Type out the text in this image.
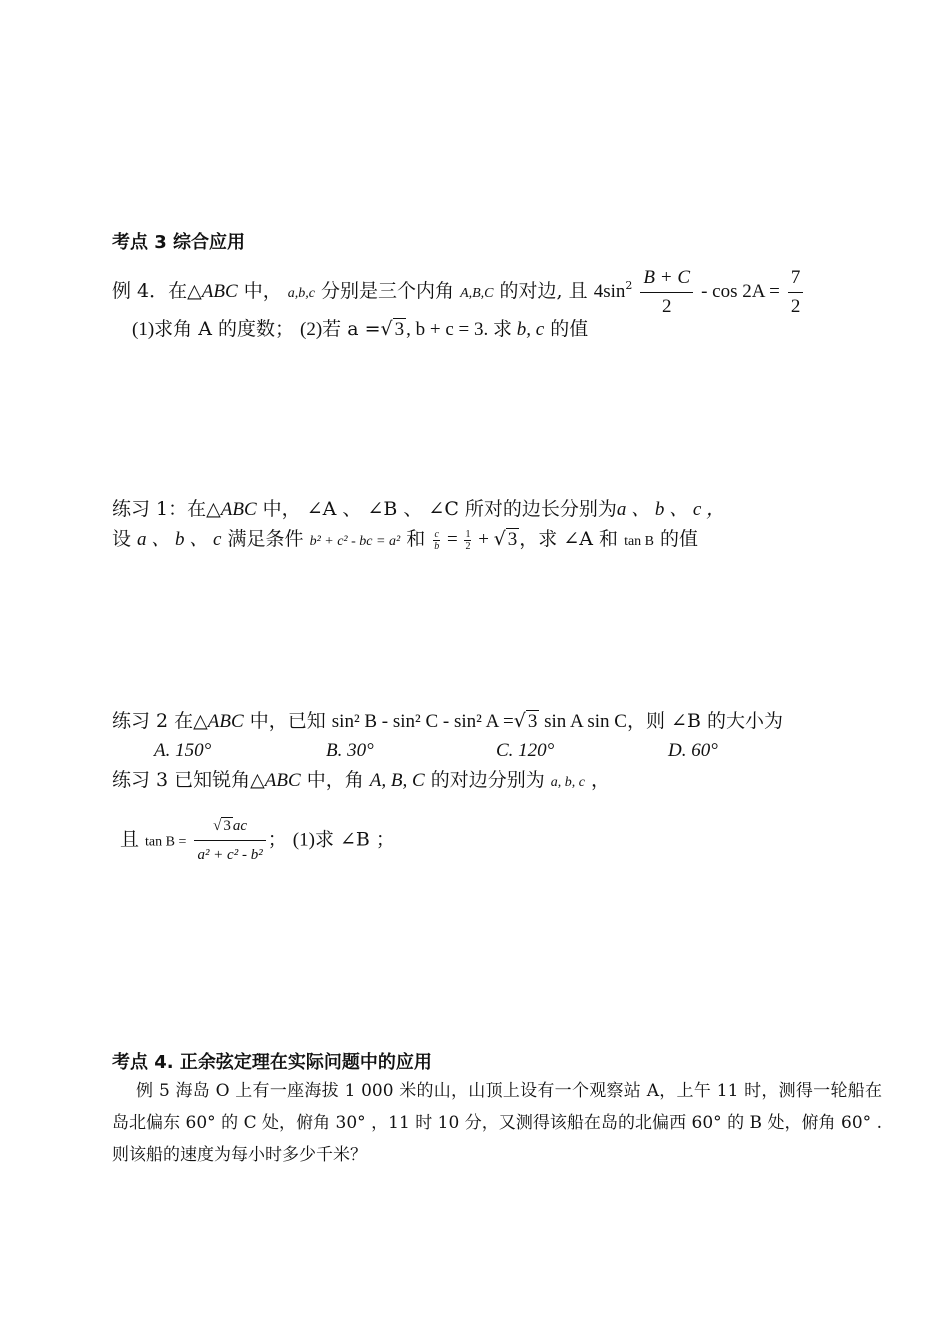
考点 3 综合应用
例 4．在△ABC 中， a,b,c 分别是三个内角 A,B,C 的对边, 且 $4\sin^2 \frac{B + C}{2} - \cos 2A = \frac{7}{2}$
(1)求角 A 的度数； (2)若 a =√ 3 , b + c = 3. 求 b, c 的值
练习 1：在△ABC 中， ∠A 、 ∠B 、 ∠C 所对的边长分别为a 、 b 、 c ，
设 a 、 b 、 c 满足条件 b² + c² - bc = a² 和 $\frac{c}{b} = \frac{1}{2}$ + √ 3 ，求 ∠A 和 tan B 的值
练习 2 在△ABC 中，已知 sin² B - sin² C - sin² A =√ 3 sin A sin C，则 ∠B 的大小为
A. 150°	B. 30°	C. 120°	D. 60°
练习 3 已知锐角△ABC 中，角 A, B, C 的对边分别为 a, b, c ，
且 $\tan B = \frac{√ 3 ac}{\text{a² + c² - b²}}$ ； (1)求 ∠B ；
考点 4. 正余弦定理在实际问题中的应用
例 5 海岛 O 上有一座海拔 1 000 米的山，山顶上设有一个观察站 A，上午 11 时，测得一轮船在岛北偏东 60° 的 C 处，俯角 30° ，11 时 10 分，又测得该船在岛的北偏西 60° 的 B 处，俯角 60° . 则该船的速度为每小时多少千米？
